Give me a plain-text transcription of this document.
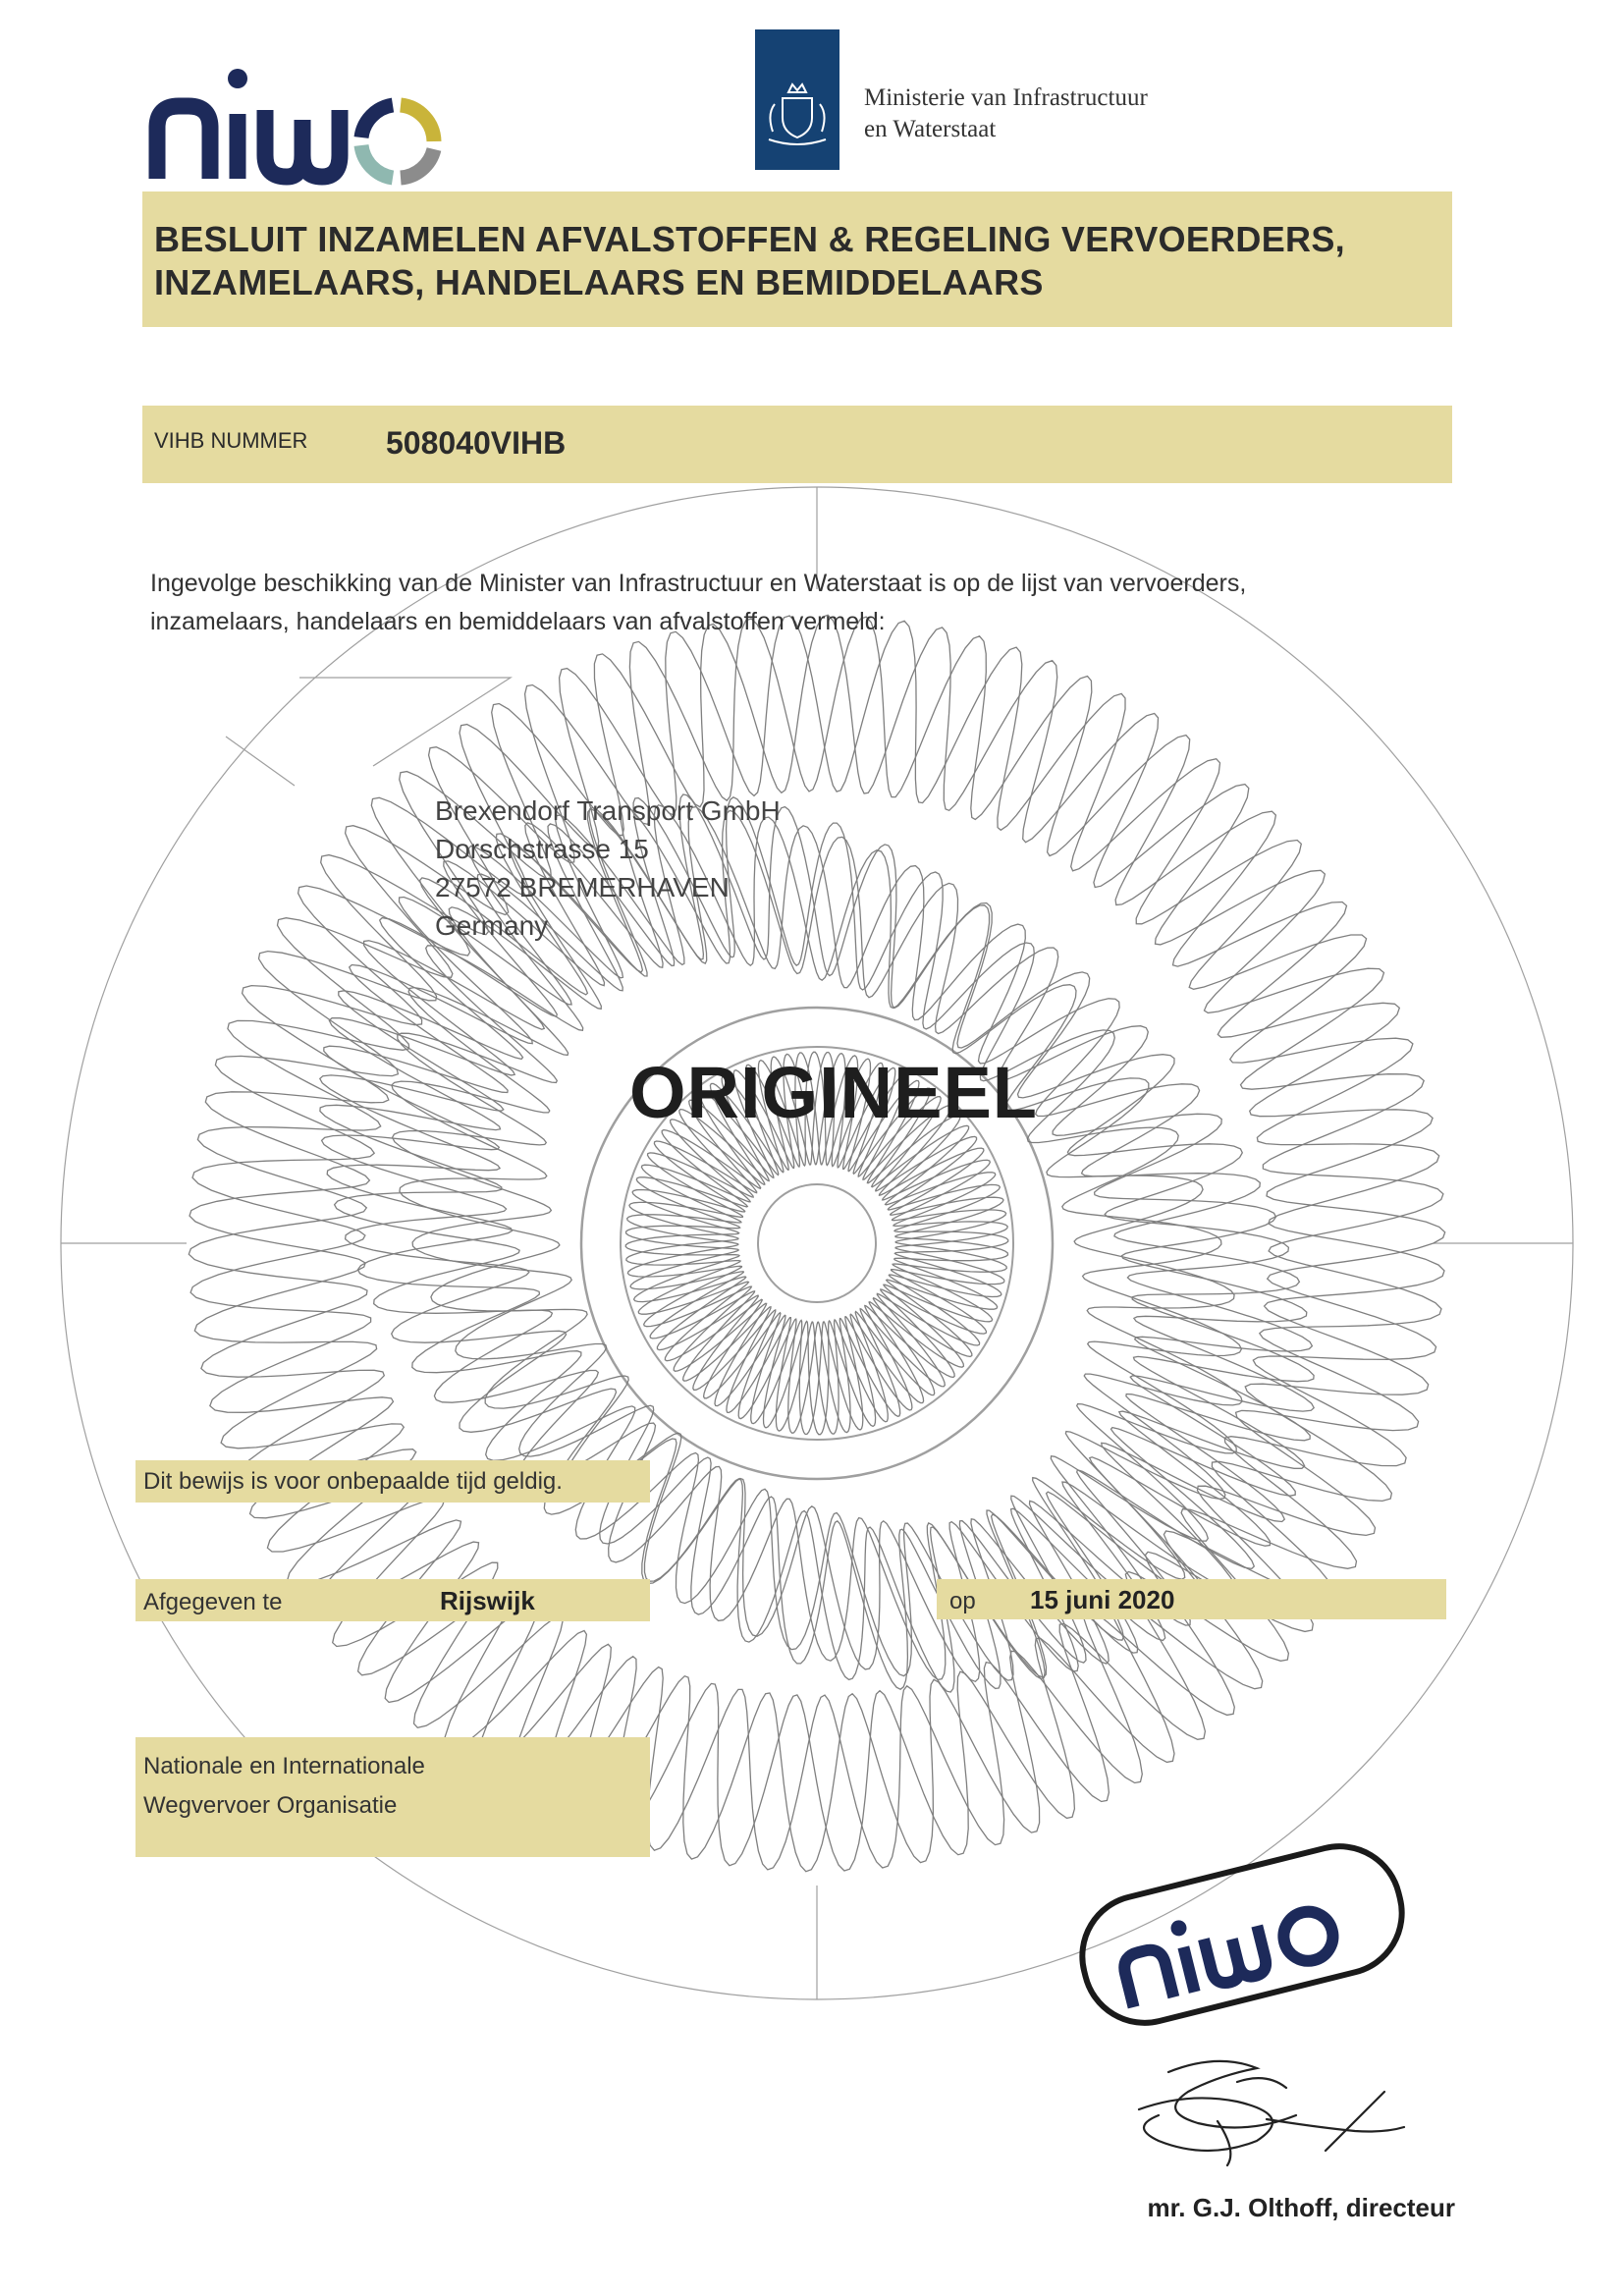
Ministerie van Infrastructuur
en Waterstaat
BESLUIT INZAMELEN AFVALSTOFFEN & REGELING VERVOERDERS,
INZAMELAARS, HANDELAARS EN BEMIDDELAARS
VIHB NUMMER 508040VIHB
Ingevolge beschikking van de Minister van Infrastructuur en Waterstaat is op de lijst van vervoerders,
inzamelaars, handelaars en bemiddelaars van afvalstoffen vermeld:
Brexendorf Transport GmbH
Dorschstrasse 15
27572 BREMERHAVEN
Germany
ORIGINEEL
Dit bewijs is voor onbepaalde tijd geldig.
Afgegeven te	Rijswijk	op 15 juni 2020
Nationale en Internationale
Wegvervoer Organisatie
mr. G.J. Olthoff, directeur
